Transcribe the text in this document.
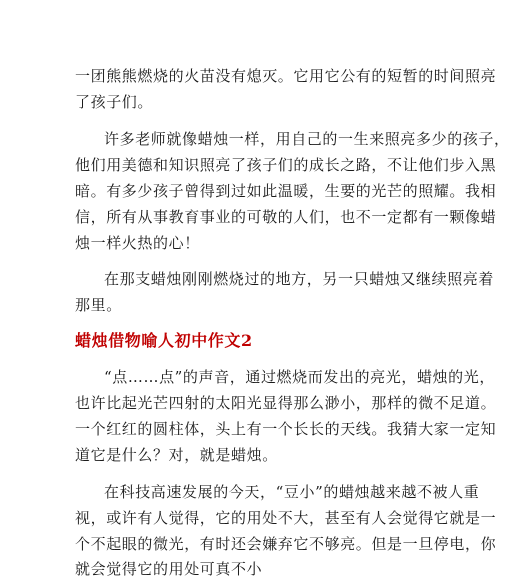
一团熊熊燃烧的火苗没有熄灭。它用它公有的短暂的时间照亮
了孩子们。
许多老师就像蜡烛一样，用自己的一生来照亮多少的孩子，
他们用美德和知识照亮了孩子们的成长之路，不让他们步入黑
暗。有多少孩子曾得到过如此温暖，生要的光芒的照耀。我相
信，所有从事教育事业的可敬的人们，也不一定都有一颗像蜡
烛一样火热的心！
在那支蜡烛刚刚燃烧过的地方，另一只蜡烛又继续照亮着
那里。
蜡烛借物喻人初中作文2
“点……点”的声音，通过燃烧而发出的亮光，蜡烛的光，
也许比起光芒四射的太阳光显得那么渺小，那样的微不足道。
一个红红的圆柱体，头上有一个长长的天线。我猜大家一定知
道它是什么？对，就是蜡烛。
在科技高速发展的今天，“豆小”的蜡烛越来越不被人重
视，或许有人觉得，它的用处不大，甚至有人会觉得它就是一
个不起眼的微光，有时还会嫌弃它不够亮。但是一旦停电，你
就会觉得它的用处可真不小
